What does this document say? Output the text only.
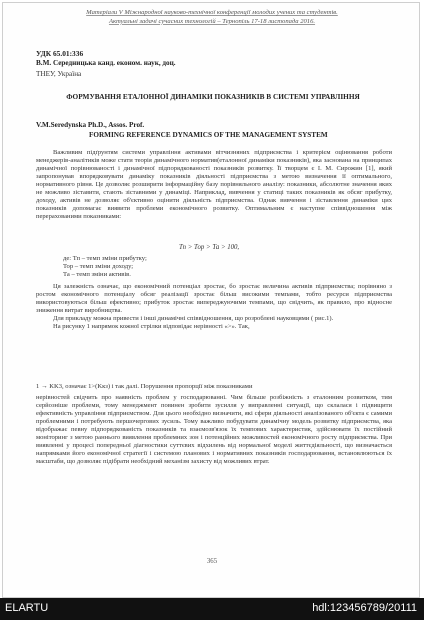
Матеріали V Міжнародної науково-технічної конференції молодих учених та студентів.
Актуальні задачі сучасних технологій – Тернопіль 17-18 листопада 2016.
УДК 65.01:336
В.М. Середницька канд. економ. наук, доц.
ТНЕУ, Україна
ФОРМУВАННЯ ЕТАЛОННОЇ ДИНАМІКИ ПОКАЗНИКІВ В СИСТЕМІ УПРАВЛІННЯ
V.M.Seredynska Ph.D., Assos. Prof.
FORMING REFERENCE DYNAMICS OF THE MANAGEMENT SYSTEM

Важливим підґрунтям системи управління активами вітчизняних підприємства і критерієм оцінювання роботи менеджерів-аналітиків може стати теорія динамічного норматив(еталонної динаміки показників), яка заснована на принципах динамічної порівнюваності і динамічної підпорядкованості показників розвитку. Її творцем є І. М. Сирожин [1], який запропонував впорядковувати динаміку показників діяльності підприємства з метою визначення її оптимального, нормативного рівня. Це дозволяє розширити інформаційну базу порівняльного аналізу: показники, абсолютне значення яких не можливо зіставити, стають зіставними у динаміці. Наприклад, вивчення у статиці таких показників як обсяг прибутку, доходу, активів не дозволяє об'єктивно оцінити діяльність підприємства. Однак вивчення і зіставлення динаміки цих показників допомагає виявити проблеми економічного розвитку. Оптимальним є наступне співвідношення між перерахованими показниками:

Тп > Тор > Та > 100,
де: Тп – темп зміни прибутку;
Тор – темп зміни доходу;
Та – темп зміни активів.

Ця залежність означає, що економічний потенціал зростає, бо зростає величина активів підприємства; порівняно з ростом економічного потенціалу обсяг реалізації зростає більш високими темпами, тобто ресурси підприємства використовуються більш ефективно; прибуток зростає випереджуючими темпами, що свідчить, як правило, про відносне зниження витрат виробництва.

Для прикладу можна привести і інші динамічні співвідношення, що розроблені науковцями ( рис.1).

На рисунку 1 напрямок кожної стрілки відповідає нерівності «>». Так,

1 → KK3, означає 1>(Kкз) і так далі. Порушення пропорції між показниками

нерівностей свідчить про наявність проблем у господарюванні. Чим більше розбіжність з еталонним розвитком, тим серйозніше проблеми, тому менеджмент повинен зробити зусилля у виправленні ситуації, що склалася і підвищити ефективність управління підприємством. Для цього необхідно визначити, які сфери діяльності аналізованого об'єкта є самими проблемними і потребують першочергових зусиль. Тому важливо побудувати динамічну модель розвитку підприємства, яка відображає певну підпорядкованість показників та взаємозв'язок їх темпових характеристик, здійснювати їх постійний моніторинг з метою раннього виявлення проблемних зон і потенційних можливостей економічного росту підприємства. При виявленні у процесі попередньої діагностики суттєвих відхилень від нормальної моделі життєдіяльності, що визначається напрямками його економічної стратегії і системою планових і нормативних показників господарювання, встановлюються їх масштаби, що дозволяє підібрати необхідний механізм захисту від можливих втрат.

365
ELARTU	hdl:123456789/20111
